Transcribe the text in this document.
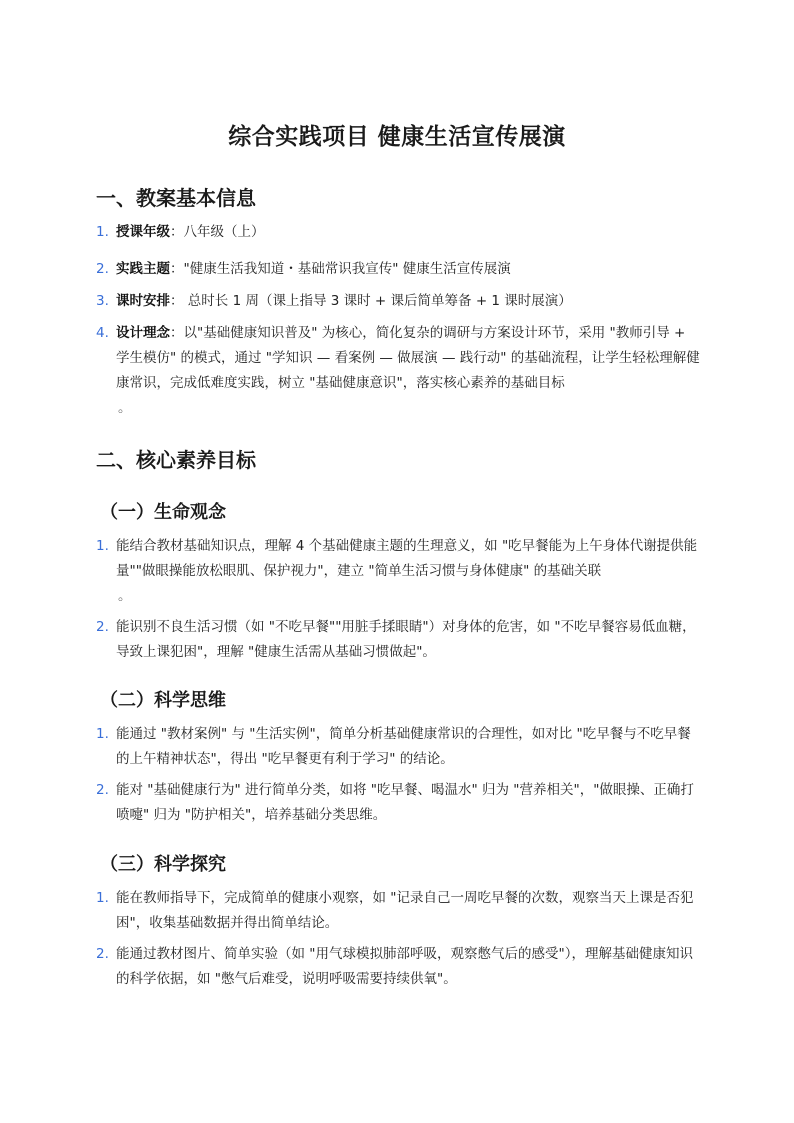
综合实践项目 健康生活宣传展演
一、教案基本信息
1. 授课年级：八年级（上）
2. 实践主题："健康生活我知道・基础常识我宣传" 健康生活宣传展演
3. 课时安排： 总时长 1 周（课上指导 3 课时 + 课后简单筹备 + 1 课时展演）
4. 设计理念：以"基础健康知识普及" 为核心，简化复杂的调研与方案设计环节，采用 "教师引导 + 学生模仿" 的模式，通过 "学知识 — 看案例 — 做展演 — 践行动" 的基础流程，让学生轻松理解健康常识，完成低难度实践，树立 "基础健康意识"，落实核心素养的基础目标
。
二、核心素养目标
（一）生命观念
1. 能结合教材基础知识点，理解 4 个基础健康主题的生理意义，如 "吃早餐能为上午身体代谢提供能量""做眼操能放松眼肌、保护视力"，建立 "简单生活习惯与身体健康" 的基础关联
。
2. 能识别不良生活习惯（如 "不吃早餐""用脏手揉眼睛"）对身体的危害，如 "不吃早餐容易低血糖，导致上课犯困"，理解 "健康生活需从基础习惯做起"。
（二）科学思维
1. 能通过 "教材案例" 与 "生活实例"，简单分析基础健康常识的合理性，如对比 "吃早餐与不吃早餐的上午精神状态"，得出 "吃早餐更有利于学习" 的结论。
2. 能对 "基础健康行为" 进行简单分类，如将 "吃早餐、喝温水" 归为 "营养相关"，"做眼操、正确打喷嚏" 归为 "防护相关"，培养基础分类思维。
（三）科学探究
1. 能在教师指导下，完成简单的健康小观察，如 "记录自己一周吃早餐的次数，观察当天上课是否犯困"，收集基础数据并得出简单结论。
2. 能通过教材图片、简单实验（如 "用气球模拟肺部呼吸，观察憋气后的感受"），理解基础健康知识的科学依据，如 "憋气后难受，说明呼吸需要持续供氧"。
